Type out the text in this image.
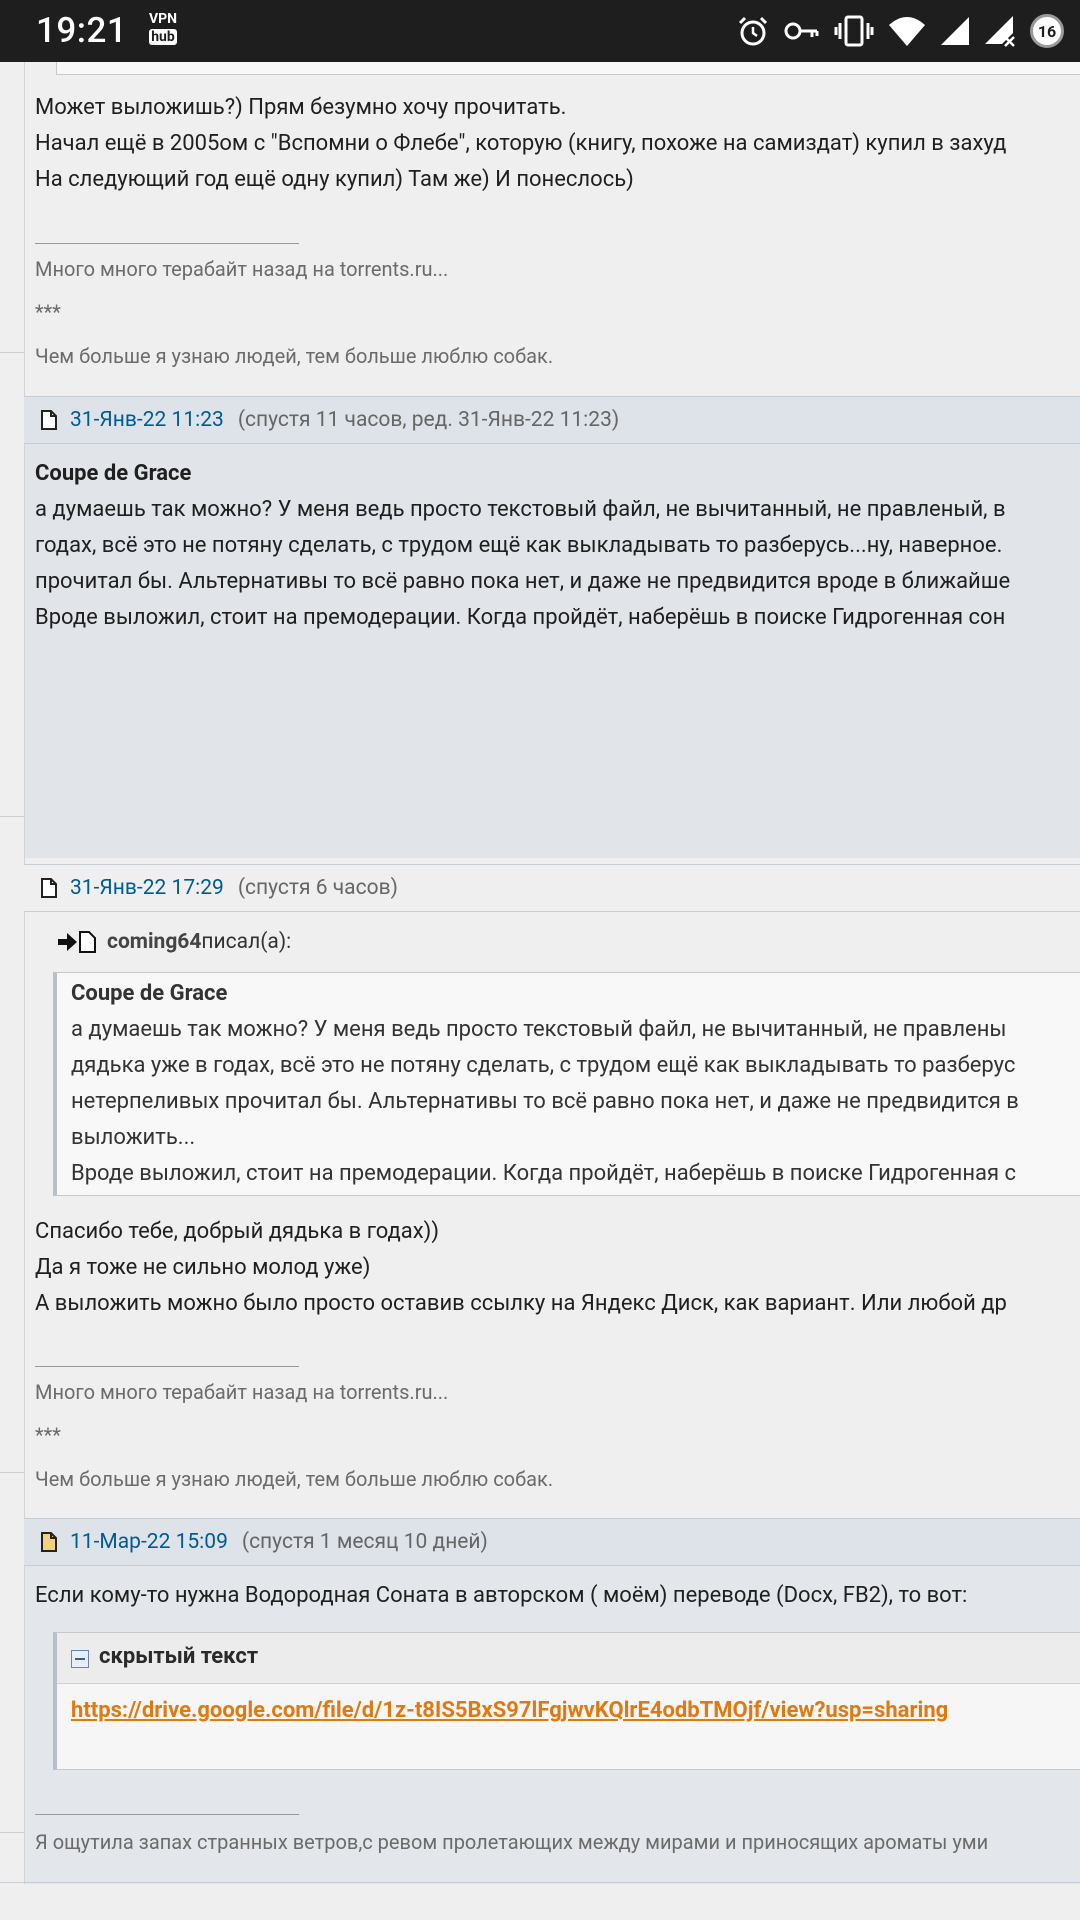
19:21 VPN
hub	16
Может выложишь?) Прям безумно хочу прочитать.
Начал ещё в 2005ом с "Вспомни о Флебе", которую (книгу, похоже на самиздат) купил в захуд
На следующий год ещё одну купил) Там же) И понеслось)
Много много терабайт назад на torrents.ru...
***
Чем больше я узнаю людей, тем больше люблю собак.
31-Янв-22 11:23 (спустя 11 часов, ред. 31-Янв-22 11:23)
Coupe de Grace
а думаешь так можно? У меня ведь просто текстовый файл, не вычитанный, не правленый, в
годах, всё это не потяну сделать, с трудом ещё как выкладывать то разберусь...ну, наверное.
прочитал бы. Альтернативы то всё равно пока нет, и даже не предвидится вроде в ближайше
Вроде выложил, стоит на премодерации. Когда пройдёт, наберёшь в поиске Гидрогенная сон
31-Янв-22 17:29 (спустя 6 часов)
coming64 писал(а):
Coupe de Grace
а думаешь так можно? У меня ведь просто текстовый файл, не вычитанный, не правлены
дядька уже в годах, всё это не потяну сделать, с трудом ещё как выкладывать то разберус
нетерпеливых прочитал бы. Альтернативы то всё равно пока нет, и даже не предвидится в
выложить...
Вроде выложил, стоит на премодерации. Когда пройдёт, наберёшь в поиске Гидрогенная с
Спасибо тебе, добрый дядька в годах))
Да я тоже не сильно молод уже)
А выложить можно было просто оставив ссылку на Яндекс Диск, как вариант. Или любой др
Много много терабайт назад на torrents.ru...
***
Чем больше я узнаю людей, тем больше люблю собак.
11-Мар-22 15:09 (спустя 1 месяц 10 дней)
Если кому-то нужна Водородная Соната в авторском ( моём) переводе (Docx, FB2), то вот:
скрытый текст
https://drive.google.com/file/d/1z-t8IS5BxS97lFgjwvKQlrE4odbTMOjf/view?usp=sharing
Я ощутила запах странных ветров,с ревом пролетающих между мирами и приносящих ароматы уми
